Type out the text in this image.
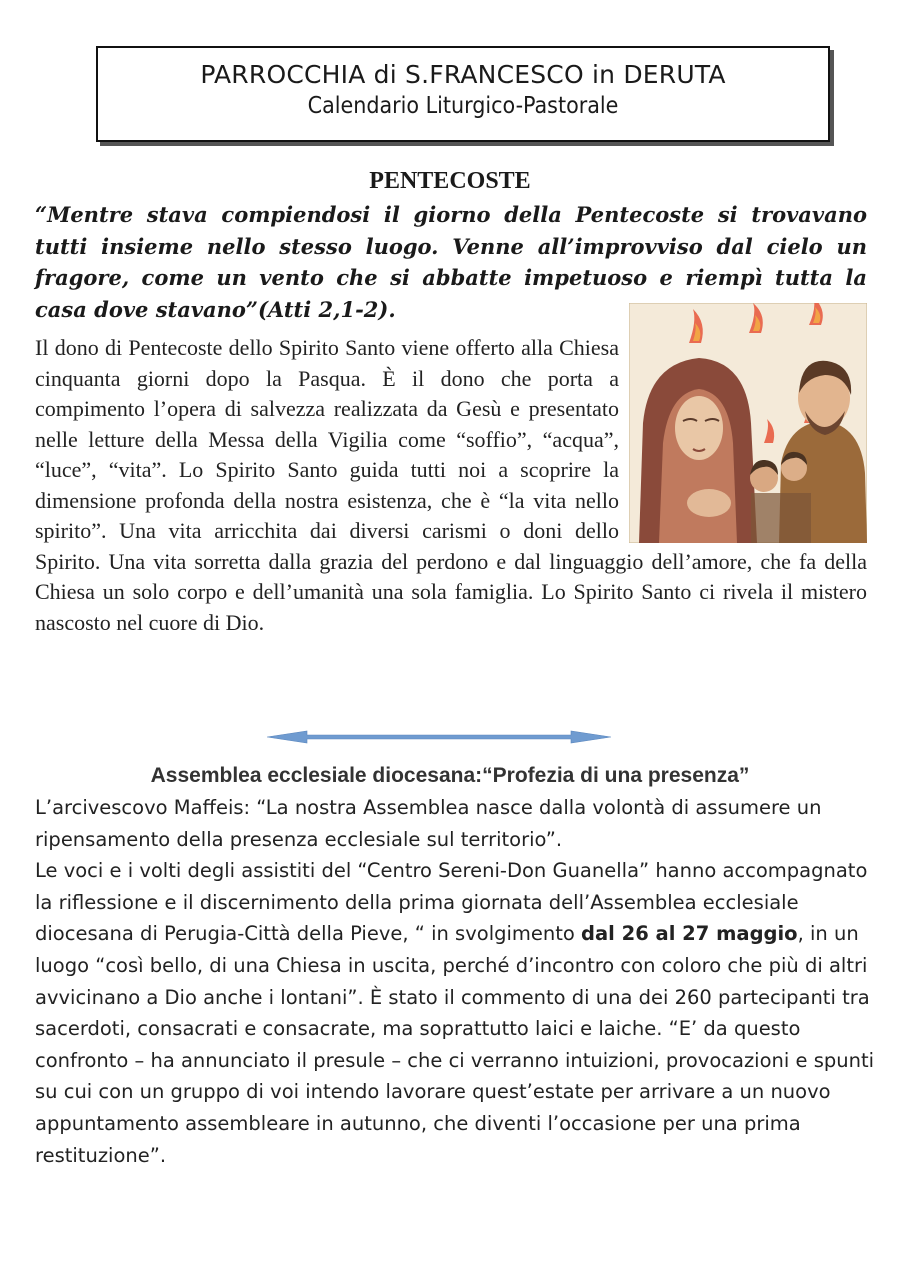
PARROCCHIA di S.FRANCESCO in DERUTA
Calendario Liturgico-Pastorale
PENTECOSTE
“Mentre stava compiendosi il giorno della Pentecoste si trovavano tutti insieme nello stesso luogo. Venne all’improvviso dal cielo un fragore, come un vento che si abbatte impetuoso e riempì tutta la casa dove stavano”(Atti 2,1-2).
Il dono di Pentecoste dello Spirito Santo viene offerto alla Chiesa cinquanta giorni dopo la Pasqua. È il dono che porta a compimento l’opera di salvezza realizzata da Gesù e presentato nelle letture della Messa della Vigilia come “soffio”, “acqua”, “luce”, “vita”. Lo Spirito Santo guida tutti noi a scoprire la dimensione profonda della nostra esistenza, che è “la vita nello spirito”. Una vita arricchita dai diversi carismi o doni dello Spirito. Una vita sorretta dalla grazia del perdono e dal linguaggio dell’amore, che fa della Chiesa un solo corpo e dell’umanità una sola famiglia. Lo Spirito Santo ci rivela il mistero nascosto nel cuore di Dio.
Assemblea ecclesiale diocesana:“Profezia di una presenza”

L’arcivescovo Maffeis: “La nostra Assemblea nasce dalla volontà di assumere un ripensamento della presenza ecclesiale sul territorio”.

Le voci e i volti degli assistiti del “Centro Sereni-Don Guanella” hanno accompagnato la riflessione e il discernimento della prima giornata dell’Assemblea ecclesiale diocesana di Perugia-Città della Pieve, “ in svolgimento dal 26 al 27 maggio, in un luogo “così bello, di una Chiesa in uscita, perché d’incontro con coloro che più di altri avvicinano a Dio anche i lontani”. È stato il commento di una dei 260 partecipanti tra sacerdoti, consacrati e consacrate, ma soprattutto laici e laiche. “E’ da questo confronto – ha annunciato il presule – che ci verranno intuizioni, provocazioni e spunti su cui con un gruppo di voi intendo lavorare quest’estate per arrivare a un nuovo appuntamento assembleare in autunno, che diventi l’occasione per una prima restituzione”.
